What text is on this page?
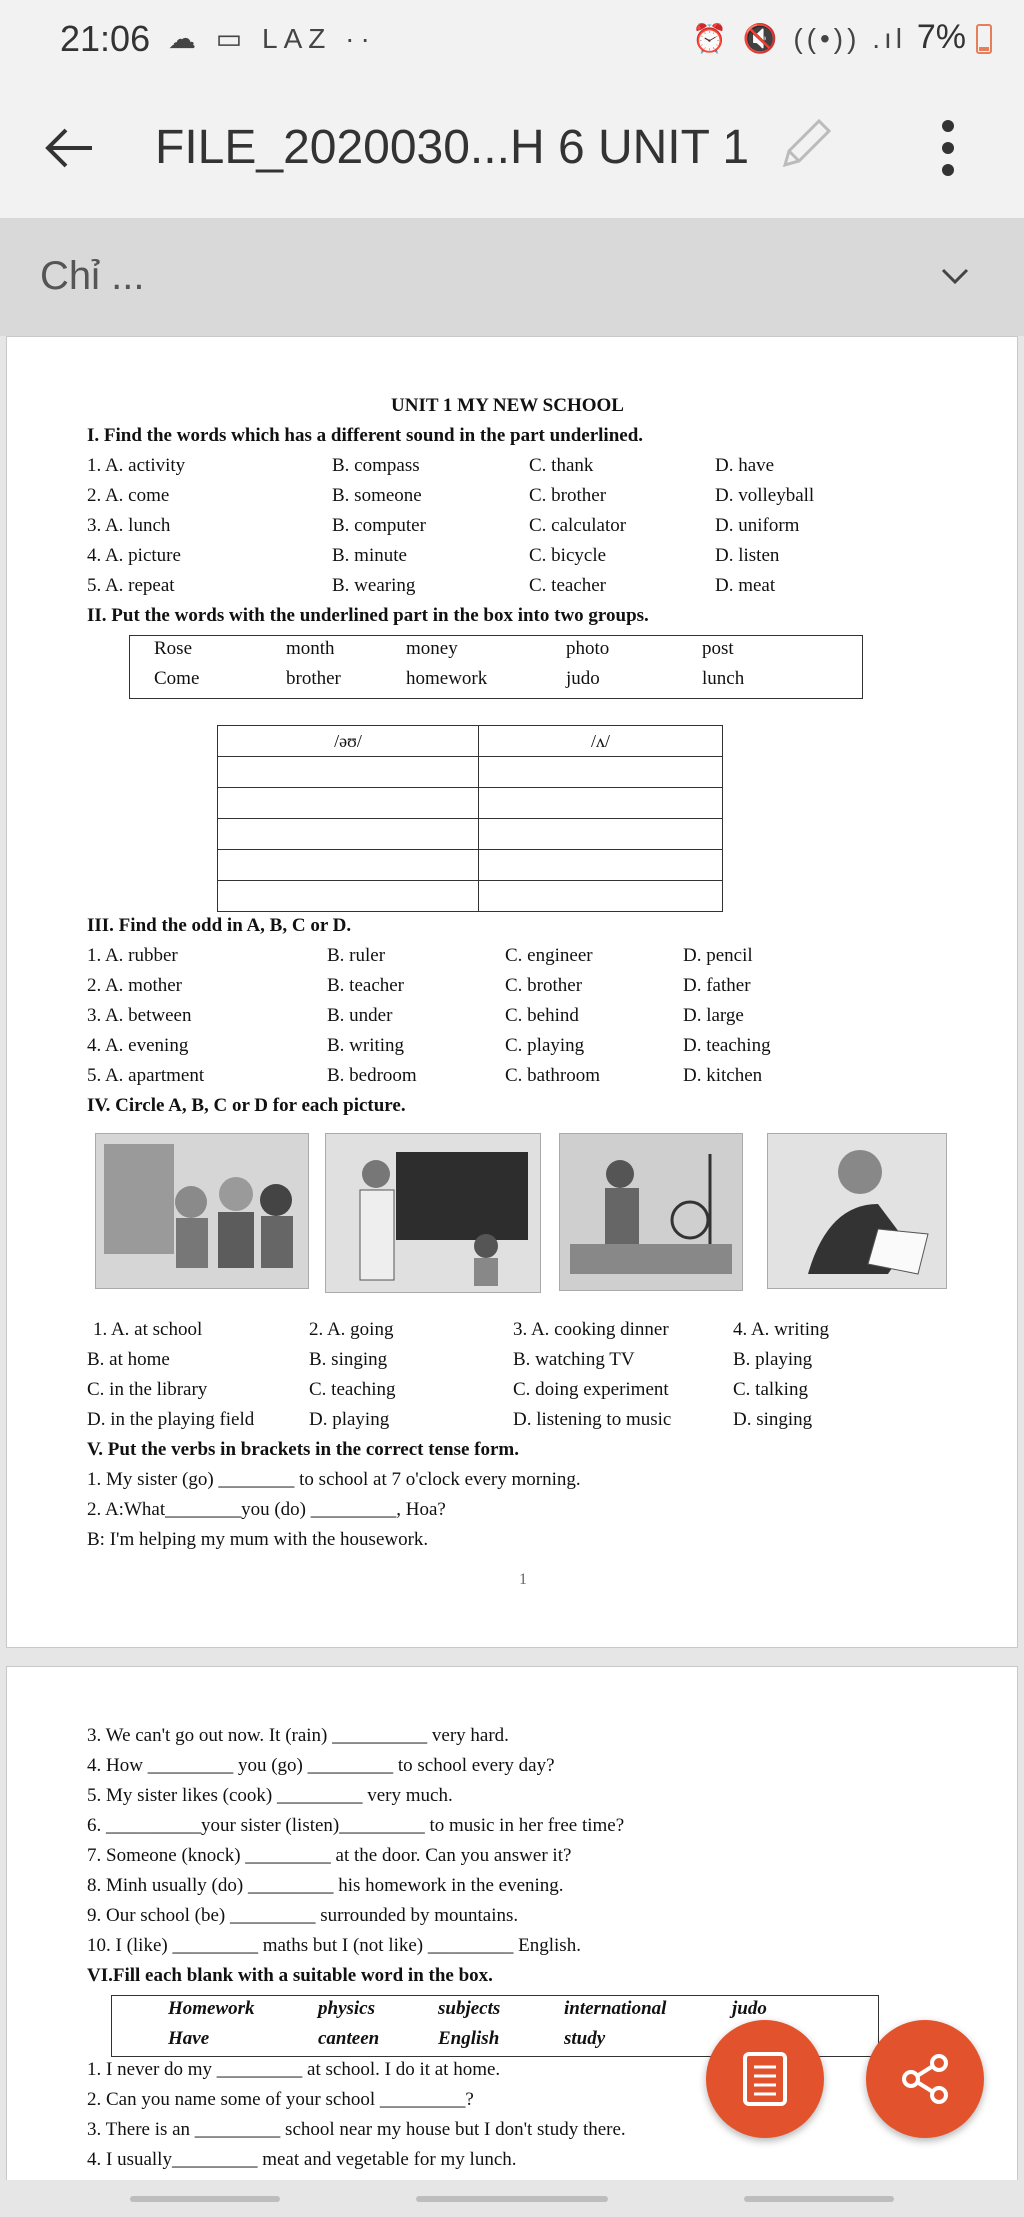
21:06 ☁ ▭ LAZ ··	⏰ 🔇 ((•)) .ıl 7%
FILE_2020030...H 6 UNIT 1
Chỉ ...
UNIT 1 MY NEW SCHOOL
I. Find the words which has a different sound in the part underlined.
1. A. activity	B. compass	C. thank	D. have
2. A. come	B. someone	C. brother	D. volleyball
3. A. lunch	B. computer	C. calculator	D. uniform
4. A. picture	B. minute	C. bicycle	D. listen
5. A. repeat	B. wearing	C. teacher	D. meat
II. Put the words with the underlined part in the box into two groups.
Rose	month	money	photo	post
Come	brother	homework	judo	lunch
/əʊ/	/ʌ/

III. Find the odd in A, B, C or D.
1. A. rubber	B. ruler	C. engineer	D. pencil
2. A. mother	B. teacher	C. brother	D. father
3. A. between	B. under	C. behind	D. large
4. A. evening	B. writing	C. playing	D. teaching
5. A. apartment	B. bedroom	C. bathroom	D. kitchen
IV. Circle A, B, C or D for each picture.
1. A. at school	2. A. going	3. A. cooking dinner	4. A. writing
B. at home	B. singing	B. watching TV	B. playing
C. in the library	C. teaching	C. doing experiment	C. talking
D. in the playing field	D. playing	D. listening to music	D. singing
V. Put the verbs in brackets in the correct tense form.
1. My sister (go) ________ to school at 7 o'clock every morning.
2. A:What________you (do) _________, Hoa?
B: I'm helping my mum with the housework.
1
3. We can't go out now. It (rain) __________ very hard.
4. How _________ you (go) _________ to school every day?
5. My sister likes (cook) _________ very much.
6. __________your sister (listen)_________ to music in her free time?
7. Someone (knock) _________ at the door. Can you answer it?
8. Minh usually (do) _________ his homework in the evening.
9. Our school (be) _________ surrounded by mountains.
10. I (like) _________ maths but I (not like) _________ English.
VI.Fill each blank with a suitable word in the box.
Homework	physics	subjects	international	judo
Have	canteen	English	study
1. I never do my _________ at school. I do it at home.
2. Can you name some of your school _________?
3. There is an _________ school near my house but I don't study there.
4. I usually_________ meat and vegetable for my lunch.
